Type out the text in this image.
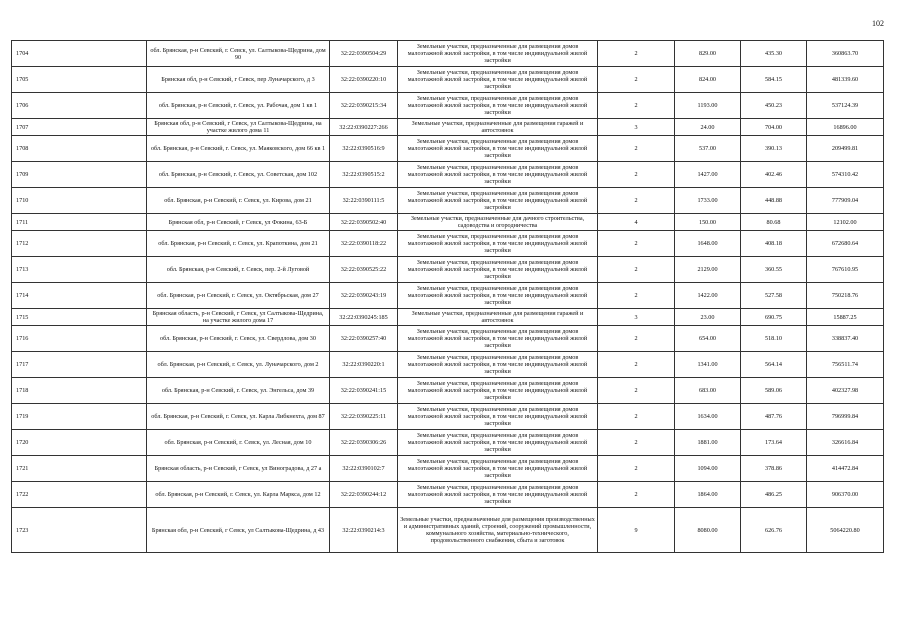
102
1704	обл. Брянская, р-н Севский, г. Севск, ул. Салтыкова-Щедрина, дом 90	32:22:0390504:29	Земельные участки, предназначенные для размещения домов малоэтажной жилой застройки, в том числе индивидуальной жилой застройки	2	829.00	435.30	360863.70
1705	Брянская обл, р-н Севский, г Севск, пер Луначарского, д 3	32:22:0390220:10	Земельные участки, предназначенные для размещения домов малоэтажной жилой застройки, в том числе индивидуальной жилой застройки	2	824.00	584.15	481339.60
1706	обл. Брянская, р-н Севский, г. Севск, ул. Рабочая, дом 1 кв 1	32:22:0390215:34	Земельные участки, предназначенные для размещения домов малоэтажной жилой застройки, в том числе индивидуальной жилой застройки	2	1193.00	450.23	537124.39
1707	Брянская обл, р-н Севский, г Севск, ул Салтыкова-Щедрина, на участке жилого дома 11	32:22:0390227:266	Земельные участки, предназначенные для размещения гаражей и автостоянок	3	24.00	704.00	16896.00
1708	обл. Брянская, р-н Севский, г. Севск, ул. Маяковского, дом 66 кв 1	32:22:0390516:9	Земельные участки, предназначенные для размещения домов малоэтажной жилой застройки, в том числе индивидуальной жилой застройки	2	537.00	390.13	209499.81
1709	обл. Брянская, р-н Севский, г. Севск, ул. Советская, дом 102	32:22:0390515:2	Земельные участки, предназначенные для размещения домов малоэтажной жилой застройки, в том числе индивидуальной жилой застройки	2	1427.00	402.46	574310.42
1710	обл. Брянская, р-н Севский, г. Севск, ул. Кирова, дом 21	32:22:0390111:5	Земельные участки, предназначенные для размещения домов малоэтажной жилой застройки, в том числе индивидуальной жилой застройки	2	1733.00	448.88	777909.04
1711	Брянская обл, р-н Севский, г Севск, ул Фокина, 63-Б	32:22:0390502:40	Земельные участки, предназначенные для дачного строительства, садоводства и огородничества	4	150.00	80.68	12102.00
1712	обл. Брянская, р-н Севский, г. Севск, ул. Крапоткина, дом 21	32:22:0390118:22	Земельные участки, предназначенные для размещения домов малоэтажной жилой застройки, в том числе индивидуальной жилой застройки	2	1648.00	408.18	672680.64
1713	обл. Брянская, р-н Севский, г. Севск, пер. 2-й Луговой	32:22:0390525:22	Земельные участки, предназначенные для размещения домов малоэтажной жилой застройки, в том числе индивидуальной жилой застройки	2	2129.00	360.55	767610.95
1714	обл. Брянская, р-н Севский, г. Севск, ул. Октябрьская, дом 27	32:22:0390243:19	Земельные участки, предназначенные для размещения домов малоэтажной жилой застройки, в том числе индивидуальной жилой застройки	2	1422.00	527.58	750218.76
1715	Брянская область, р-н Севский, г Севск, ул Салтыкова-Щедрина, на участке жилого дома 17	32:22:0390245:185	Земельные участки, предназначенные для размещения гаражей и автостоянок	3	23.00	690.75	15887.25
1716	обл. Брянская, р-н Севский, г. Севск, ул. Свердлова, дом 30	32:22:0390257:40	Земельные участки, предназначенные для размещения домов малоэтажной жилой застройки, в том числе индивидуальной жилой застройки	2	654.00	518.10	338837.40
1717	обл. Брянская, р-н Севский, г. Севск, ул. Луначарского, дом 2	32:22:0390220:1	Земельные участки, предназначенные для размещения домов малоэтажной жилой застройки, в том числе индивидуальной жилой застройки	2	1341.00	564.14	756511.74
1718	обл. Брянская, р-н Севский, г. Севск, ул. Энгельса, дом 39	32:22:0390241:15	Земельные участки, предназначенные для размещения домов малоэтажной жилой застройки, в том числе индивидуальной жилой застройки	2	683.00	589.06	402327.98
1719	обл. Брянская, р-н Севский, г. Севск, ул. Карла Либкнехта, дом 87	32:22:0390225:11	Земельные участки, предназначенные для размещения домов малоэтажной жилой застройки, в том числе индивидуальной жилой застройки	2	1634.00	487.76	796999.84
1720	обл. Брянская, р-н Севский, г. Севск, ул. Лесная, дом 10	32:22:0390306:26	Земельные участки, предназначенные для размещения домов малоэтажной жилой застройки, в том числе индивидуальной жилой застройки	2	1881.00	173.64	326616.84
1721	Брянская область, р-н Севский, г Севск, ул Виноградова, д 27 а	32:22:0390102:7	Земельные участки, предназначенные для размещения домов малоэтажной жилой застройки, в том числе индивидуальной жилой застройки	2	1094.00	378.86	414472.84
1722	обл. Брянская, р-н Севский, г. Севск, ул. Карла Маркса, дом 12	32:22:0390244:12	Земельные участки, предназначенные для размещения домов малоэтажной жилой застройки, в том числе индивидуальной жилой застройки	2	1864.00	486.25	906370.00
1723	Брянская обл, р-н Севский, г Севск, ул Салтыкова-Щедрина, д 43	32:22:0390214:3	Земельные участки, предназначенные для размещения производственных и административных зданий, строений, сооружений промышленности, коммунального хозяйства, материально-технического, продовольственного снабжения, сбыта и заготовок	9	8080.00	626.76	5064220.80
